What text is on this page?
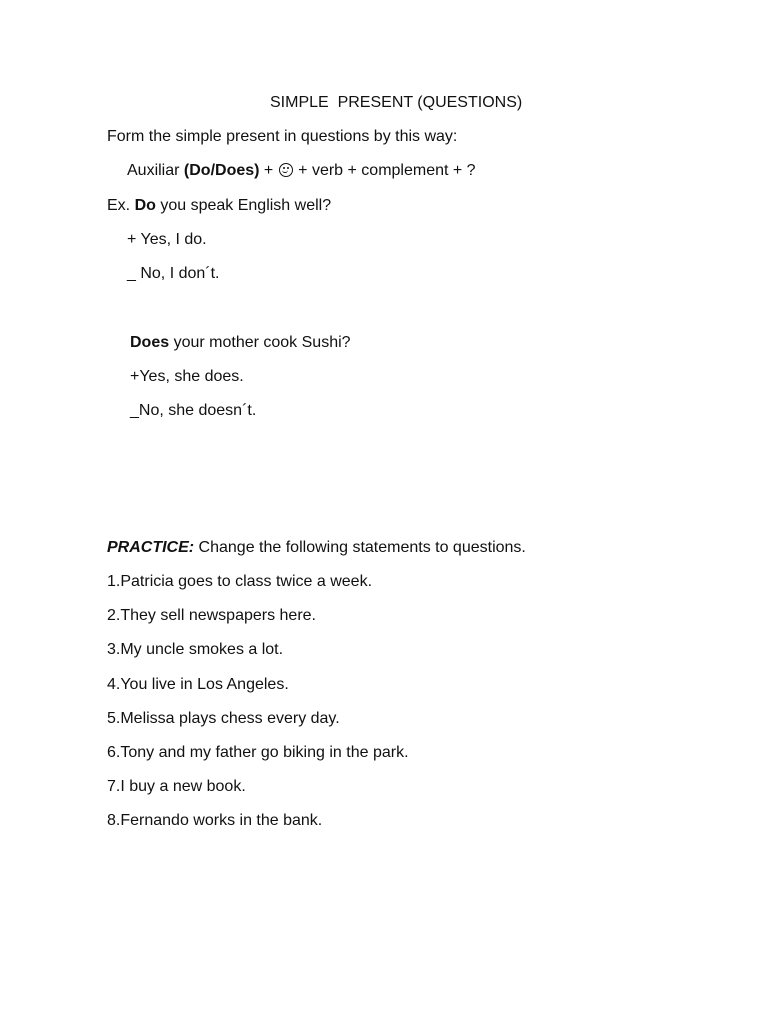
SIMPLE  PRESENT (QUESTIONS)
Form the simple present in questions by this way:
Auxiliar (Do/Does) +  + verb + complement + ?
Ex. Do you speak English well?
+ Yes, I do.
_ No, I don´t.
Does your mother cook Sushi?
+Yes, she does.
_No, she doesn´t.
PRACTICE: Change the following statements to questions.
1.Patricia goes to class twice a week.
2.They sell newspapers here.
3.My uncle smokes a lot.
4.You live in Los Angeles.
5.Melissa plays chess every day.
6.Tony and my father go biking in the park.
7.I buy a new book.
8.Fernando works in the bank.
